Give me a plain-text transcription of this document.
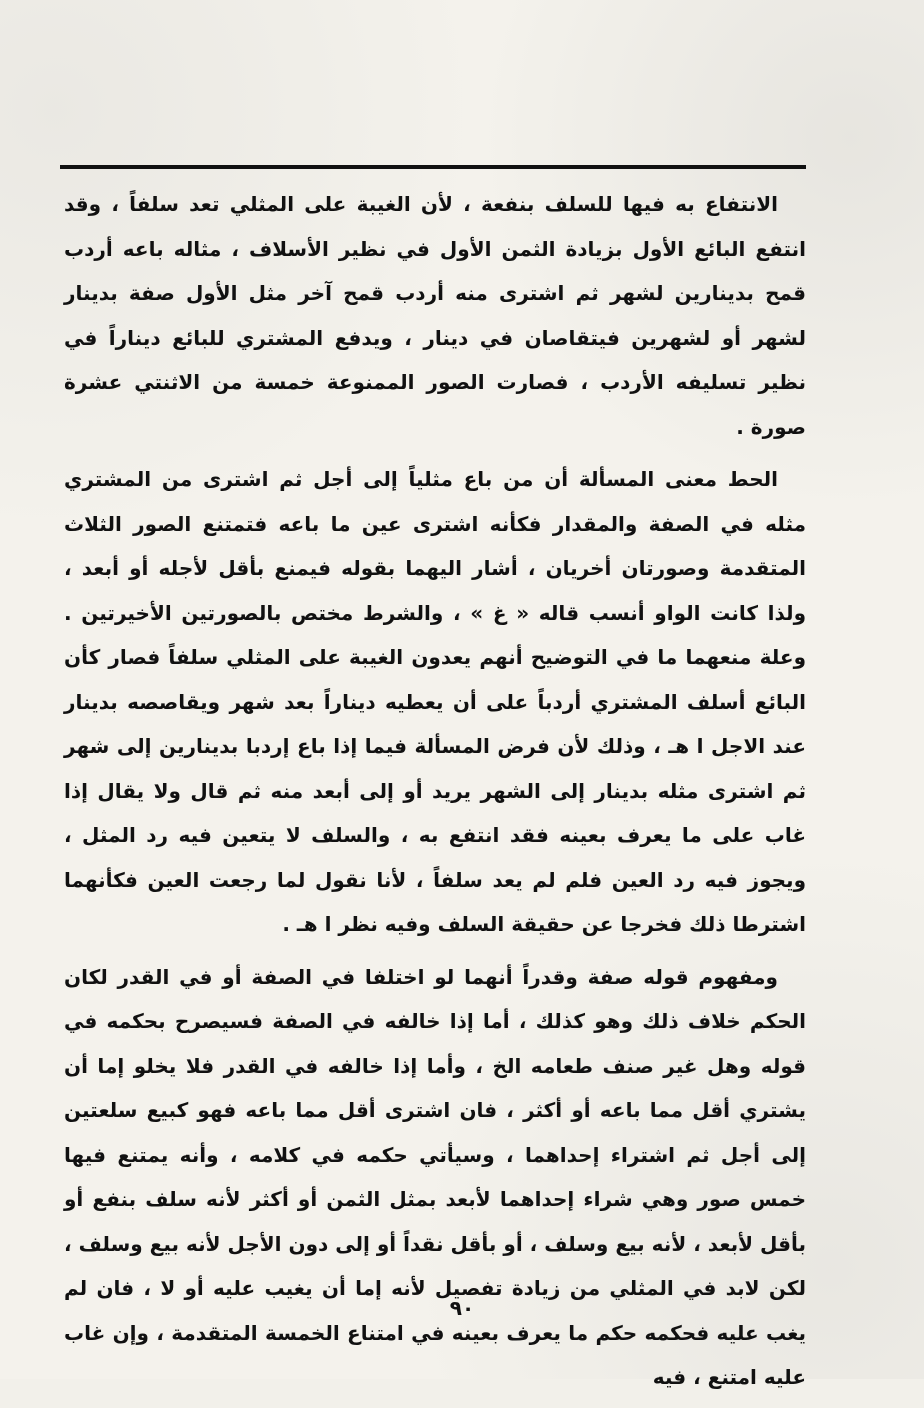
الانتفاع به فيها للسلف بنفعة ، لأن الغيبة على المثلي تعد سلفاً ، وقد انتفع البائع الأول بزيادة الثمن الأول في نظير الأسلاف ، مثاله باعه أردب قمح بدينارين لشهر ثم اشترى منه أردب قمح آخر مثل الأول صفة بدينار لشهر أو لشهرين فيتقاصان في دينار ، ويدفع المشتري للبائع ديناراً في نظير تسليفه الأردب ، فصارت الصور الممنوعة خمسة من الاثنتي عشرة صورة .

الحط معنى المسألة أن من باع مثلياً إلى أجل ثم اشترى من المشتري مثله في الصفة والمقدار فكأنه اشترى عين ما باعه فتمتنع الصور الثلاث المتقدمة وصورتان أخريان ، أشار اليهما بقوله فيمنع بأقل لأجله أو أبعد ، ولذا كانت الواو أنسب قاله « غ » ، والشرط مختص بالصورتين الأخيرتين . وعلة منعهما ما في التوضيح أنهم يعدون الغيبة على المثلي سلفاً فصار كأن البائع أسلف المشتري أردباً على أن يعطيه ديناراً بعد شهر ويقاصصه بدينار عند الاجل ا هـ ، وذلك لأن فرض المسألة فيما إذا باع إردبا بدينارين إلى شهر ثم اشترى مثله بدينار إلى الشهر يريد أو إلى أبعد منه ثم قال ولا يقال إذا غاب على ما يعرف بعينه فقد انتفع به ، والسلف لا يتعين فيه رد المثل ، ويجوز فيه رد العين فلم لم يعد سلفاً ، لأنا نقول لما رجعت العين فكأنهما اشترطا ذلك فخرجا عن حقيقة السلف وفيه نظر ا هـ .

ومفهوم قوله صفة وقدراً أنهما لو اختلفا في الصفة أو في القدر لكان الحكم خلاف ذلك وهو كذلك ، أما إذا خالفه في الصفة فسيصرح بحكمه في قوله وهل غير صنف طعامه الخ ، وأما إذا خالفه في القدر فلا يخلو إما أن يشتري أقل مما باعه أو أكثر ، فان اشترى أقل مما باعه فهو كبيع سلعتين إلى أجل ثم اشتراء إحداهما ، وسيأتي حكمه في كلامه ، وأنه يمتنع فيها خمس صور وهي شراء إحداهما لأبعد بمثل الثمن أو أكثر لأنه سلف بنفع أو بأقل لأبعد ، لأنه بيع وسلف ، أو بأقل نقداً أو إلى دون الأجل لأنه بيع وسلف ، لكن لابد في المثلي من زيادة تفصيل لأنه إما أن يغيب عليه أو لا ، فان لم يغب عليه فحكمه حكم ما يعرف بعينه في امتناع الخمسة المتقدمة ، وإن غاب عليه امتنع ، فيه

٩٠
